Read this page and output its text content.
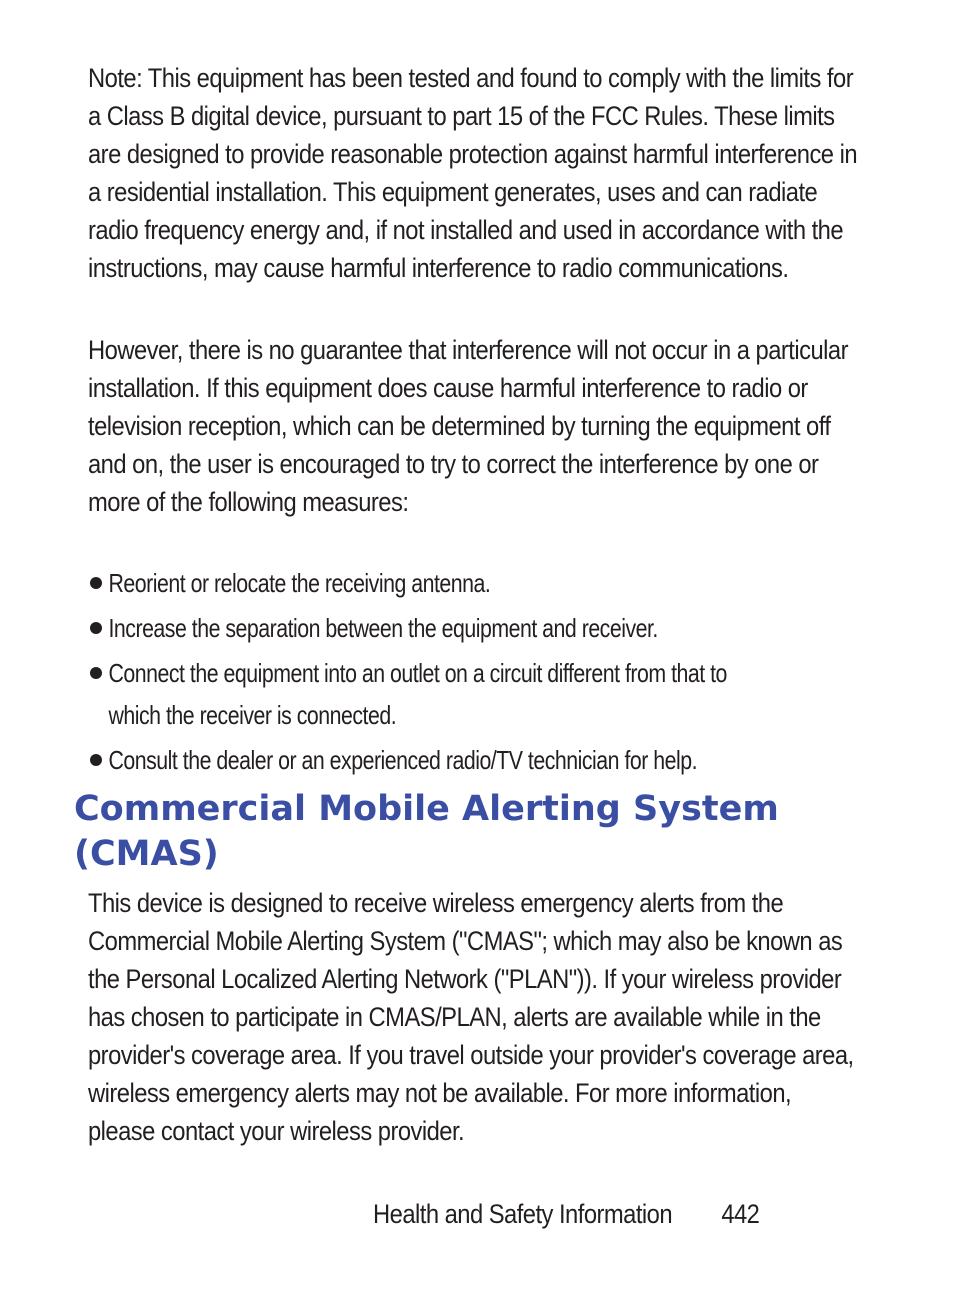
Note: This equipment has been tested and found to comply with the limits for a Class B digital device, pursuant to part 15 of the FCC Rules. These limits are designed to provide reasonable protection against harmful interference in a residential installation. This equipment generates, uses and can radiate radio frequency energy and, if not installed and used in accordance with the instructions, may cause harmful interference to radio communications.

However, there is no guarantee that interference will not occur in a particular installation. If this equipment does cause harmful interference to radio or television reception, which can be determined by turning the equipment off and on, the user is encouraged to try to correct the interference by one or more of the following measures:

Reorient or relocate the receiving antenna.
Increase the separation between the equipment and receiver.
Connect the equipment into an outlet on a circuit different from that to which the receiver is connected.
Consult the dealer or an experienced radio/TV technician for help.
Commercial Mobile Alerting System (CMAS)

This device is designed to receive wireless emergency alerts from the Commercial Mobile Alerting System ("CMAS"; which may also be known as the Personal Localized Alerting Network ("PLAN")). If your wireless provider has chosen to participate in CMAS/PLAN, alerts are available while in the provider's coverage area. If you travel outside your provider's coverage area, wireless emergency alerts may not be available. For more information, please contact your wireless provider.

Health and Safety Information 442
